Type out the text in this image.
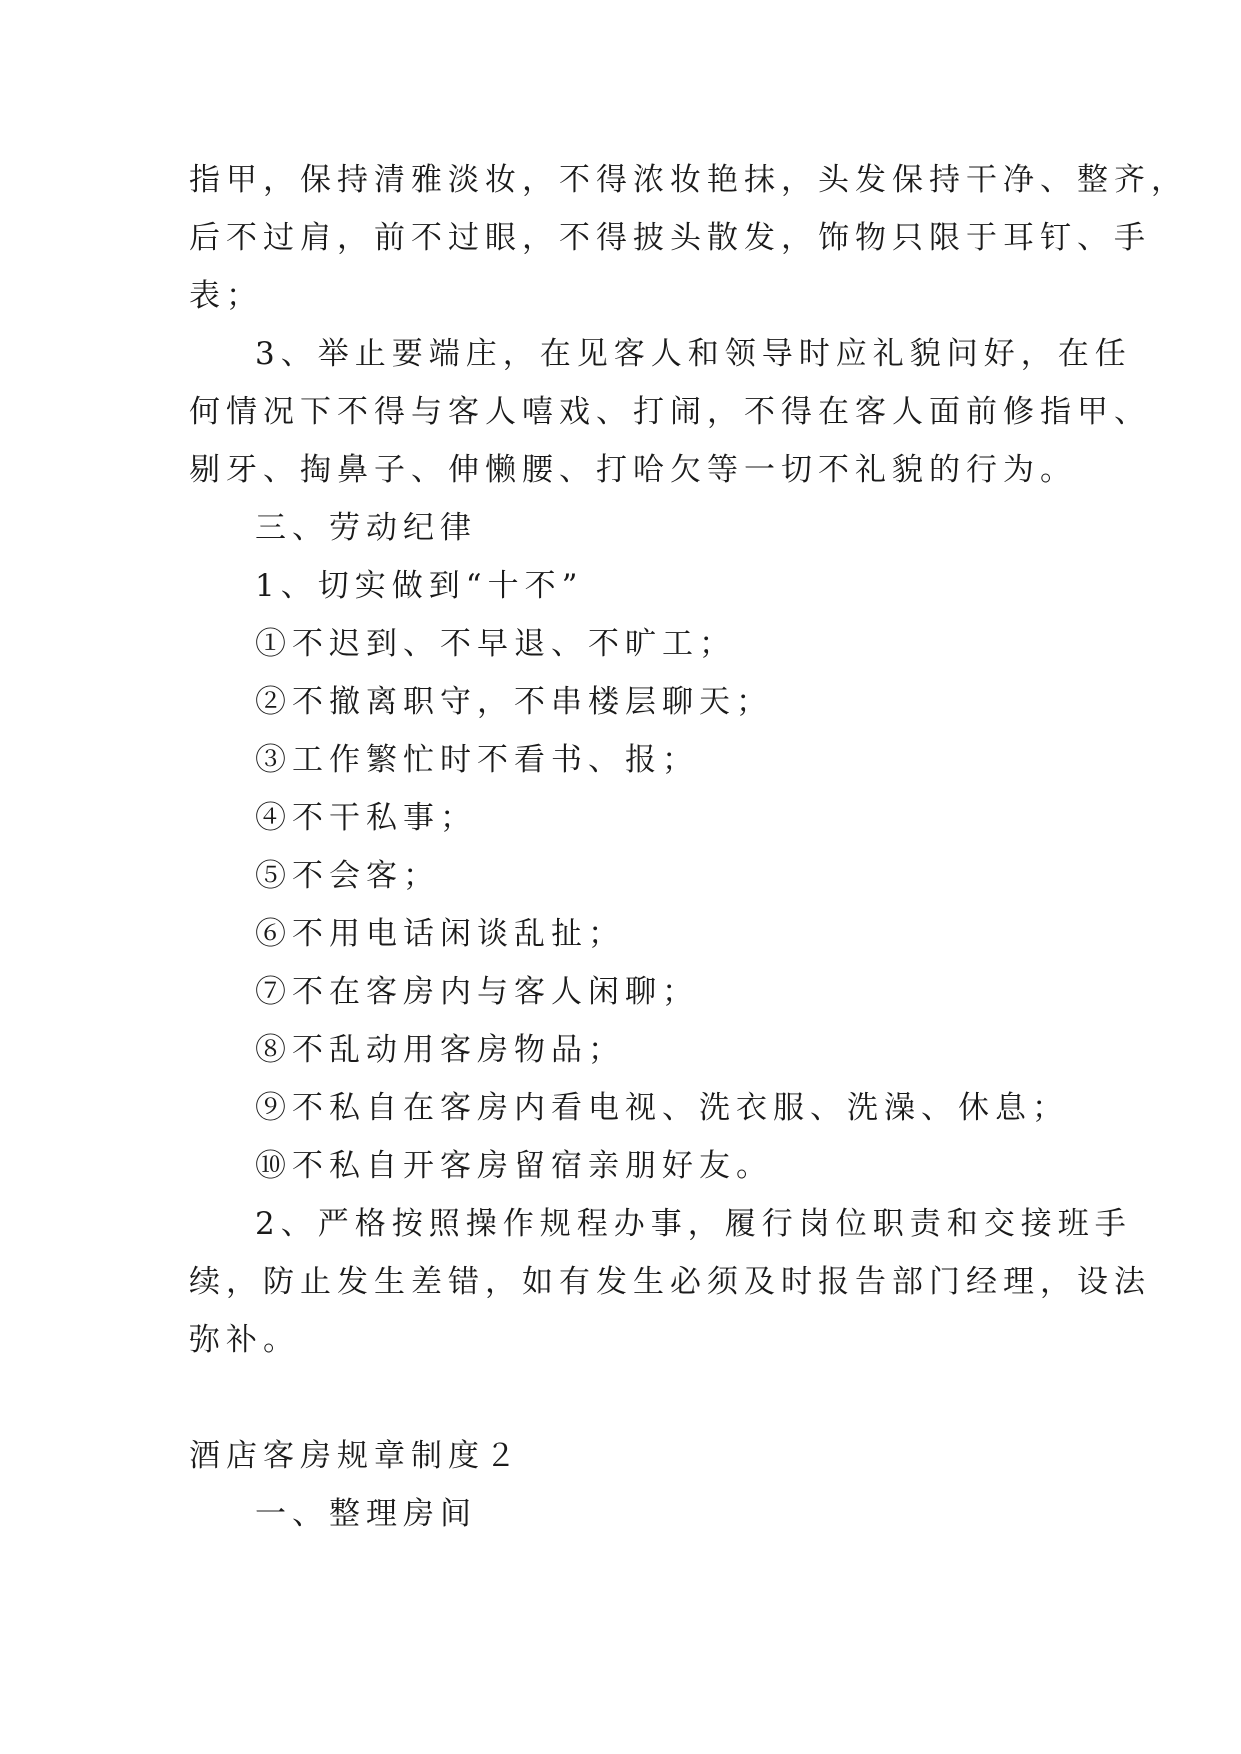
指甲，保持清雅淡妆，不得浓妆艳抹，头发保持干净、整齐，
后不过肩，前不过眼，不得披头散发，饰物只限于耳钉、手
表；
3、举止要端庄，在见客人和领导时应礼貌问好，在任
何情况下不得与客人嘻戏、打闹，不得在客人面前修指甲、
剔牙、掏鼻子、伸懒腰、打哈欠等一切不礼貌的行为。
三、劳动纪律
1、切实做到“十不”
①不迟到、不早退、不旷工；
②不撤离职守，不串楼层聊天；
③工作繁忙时不看书、报；
④不干私事；
⑤不会客；
⑥不用电话闲谈乱扯；
⑦不在客房内与客人闲聊；
⑧不乱动用客房物品；
⑨不私自在客房内看电视、洗衣服、洗澡、休息；
⑩不私自开客房留宿亲朋好友。
2、严格按照操作规程办事，履行岗位职责和交接班手
续，防止发生差错，如有发生必须及时报告部门经理，设法
弥补。
酒店客房规章制度２
一、整理房间
